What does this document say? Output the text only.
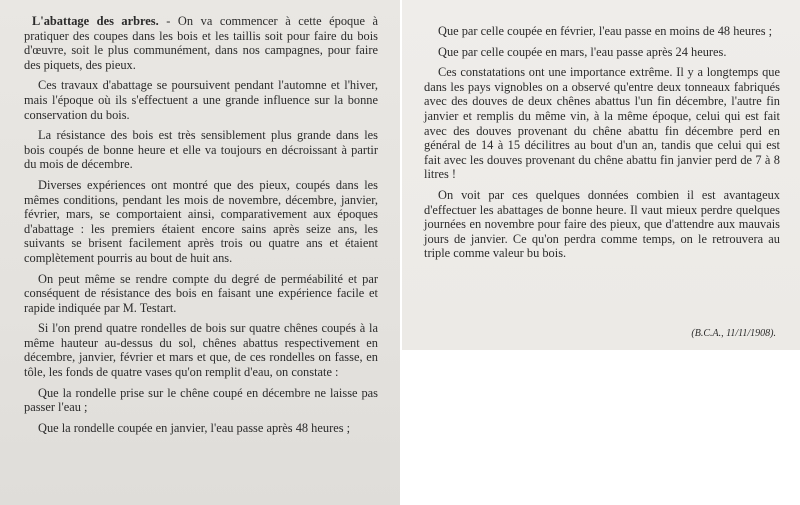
L'abattage des arbres. - On va commencer à cette époque à pratiquer des coupes dans les bois et les taillis soit pour faire du bois d'œuvre, soit le plus communément, dans nos campagnes, pour faire des piquets, des pieux.

Ces travaux d'abattage se poursuivent pendant l'automne et l'hiver, mais l'époque où ils s'effectuent a une grande influence sur la bonne conservation du bois.

La résistance des bois est très sensiblement plus grande dans les bois coupés de bonne heure et elle va toujours en décroissant à partir du mois de décembre.

Diverses expériences ont montré que des pieux, coupés dans les mêmes conditions, pendant les mois de novembre, décembre, janvier, février, mars, se comportaient ainsi, comparativement aux époques d'abattage : les premiers étaient encore sains après seize ans, les suivants se brisent facilement après trois ou quatre ans et étaient complètement pourris au bout de huit ans.

On peut même se rendre compte du degré de perméabilité et par conséquent de résistance des bois en faisant une expérience facile et rapide indiquée par M. Testart.

Si l'on prend quatre rondelles de bois sur quatre chênes coupés à la même hauteur au-dessus du sol, chênes abattus respectivement en décembre, janvier, février et mars et que, de ces rondelles on fasse, en tôle, les fonds de quatre vases qu'on remplit d'eau, on constate :

Que la rondelle prise sur le chêne coupé en décembre ne laisse pas passer l'eau ;

Que la rondelle coupée en janvier, l'eau passe après 48 heures ;

Que par celle coupée en février, l'eau passe en moins de 48 heures ;

Que par celle coupée en mars, l'eau passe après 24 heures.

Ces constatations ont une importance extrême. Il y a longtemps que dans les pays vignobles on a observé qu'entre deux tonneaux fabriqués avec des douves de deux chênes abattus l'un fin décembre, l'autre fin janvier et remplis du même vin, à la même époque, celui qui est fait avec des douves provenant du chêne abattu fin décembre perd en général de 14 à 15 décilitres au bout d'un an, tandis que celui qui est fait avec les douves provenant du chêne abattu fin janvier perd de 7 à 8 litres !

On voit par ces quelques données combien il est avantageux d'effectuer les abattages de bonne heure. Il vaut mieux perdre quelques journées en novembre pour faire des pieux, que d'attendre aux mauvais jours de janvier. Ce qu'on perdra comme temps, on le retrouvera au triple comme valeur bu bois.

(B.C.A., 11/11/1908).
